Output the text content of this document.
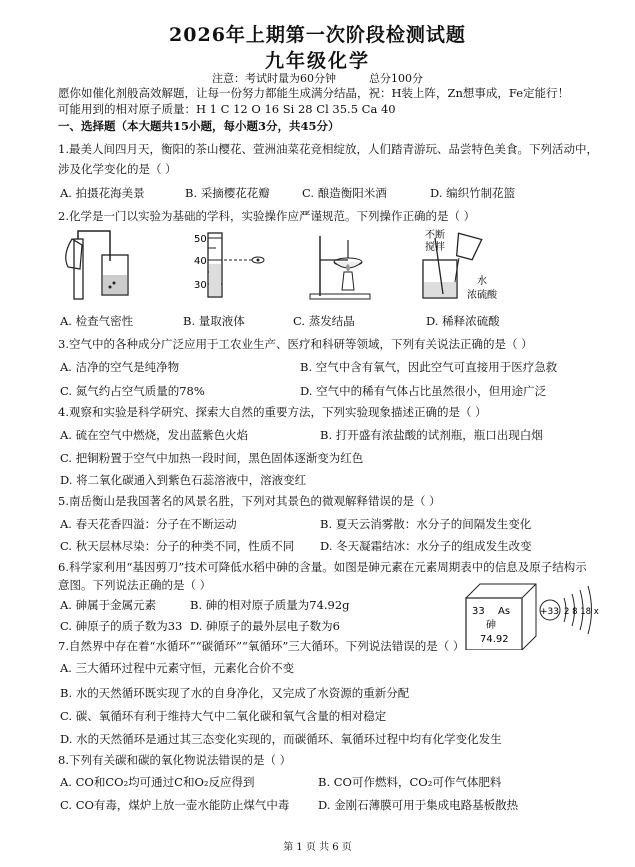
2026年上期第一次阶段检测试题
九年级化学
注意：考试时量为60分钟	总分100分
愿你如催化剂般高效解题，让每一份努力都能生成满分结晶，祝：H装上阵，Zn想事成，Fe定能行！
可能用到的相对原子质量：H 1 C 12 O 16 Si 28 Cl 35.5 Ca 40
一、选择题（本大题共15小题，每小题3分，共45分）
1.最美人间四月天，衡阳的茶山樱花、萱洲油菜花竞相绽放，人们踏青游玩、品尝特色美食。下列活动中，
涉及化学变化的是（ ）
A. 拍摄花海美景	B. 采摘樱花花瓣	C. 酿造衡阳米酒	D. 编织竹制花篮
2.化学是一门以实验为基础的学科，实验操作应严谨规范。下列操作正确的是（ ）
50
40
30
不断
搅拌
水
浓硫酸
A. 检查气密性	B. 量取液体	C. 蒸发结晶	D. 稀释浓硫酸
3.空气中的各种成分广泛应用于工农业生产、医疗和科研等领域，下列有关说法正确的是（ ）
A. 洁净的空气是纯净物	B. 空气中含有氧气，因此空气可直接用于医疗急救
C. 氮气约占空气质量的78%	D. 空气中的稀有气体占比虽然很小，但用途广泛
4.观察和实验是科学研究、探索大自然的重要方法，下列实验现象描述正确的是（ ）
A. 硫在空气中燃烧，发出蓝紫色火焰	B. 打开盛有浓盐酸的试剂瓶，瓶口出现白烟
C. 把铜粉置于空气中加热一段时间，黑色固体逐渐变为红色
D. 将二氧化碳通入到紫色石蕊溶液中，溶液变红
5.南岳衡山是我国著名的风景名胜，下列对其景色的微观解释错误的是（ ）
A. 春天花香四溢：分子在不断运动	B. 夏天云消雾散：水分子的间隔发生变化
C. 秋天层林尽染：分子的种类不同，性质不同 D. 冬天凝霜结冰：水分子的组成发生改变
6.科学家利用“基因剪刀”技术可降低水稻中砷的含量。如图是砷元素在元素周期表中的信息及原子结构示
意图。下列说法正确的是（ ）
A. 砷属于金属元素	B. 砷的相对原子质量为74.92g
C. 砷原子的质子数为33 D. 砷原子的最外层电子数为6
33 As
砷
74.92
+33 2 8 18 x
7.自然界中存在着“水循环”“碳循环”“氧循环”三大循环。下列说法错误的是（ ）
A. 三大循环过程中元素守恒，元素化合价不变
B. 水的天然循环既实现了水的自身净化，又完成了水资源的重新分配
C. 碳、氧循环有利于维持大气中二氧化碳和氧气含量的相对稳定
D. 水的天然循环是通过其三态变化实现的，而碳循环、氧循环过程中均有化学变化发生
8.下列有关碳和碳的氧化物说法错误的是（ ）
A. CO和CO₂均可通过C和O₂反应得到	B. CO可作燃料，CO₂可作气体肥料
C. CO有毒，煤炉上放一壶水能防止煤气中毒 D. 金刚石薄膜可用于集成电路基板散热
第 1 页 共 6 页
